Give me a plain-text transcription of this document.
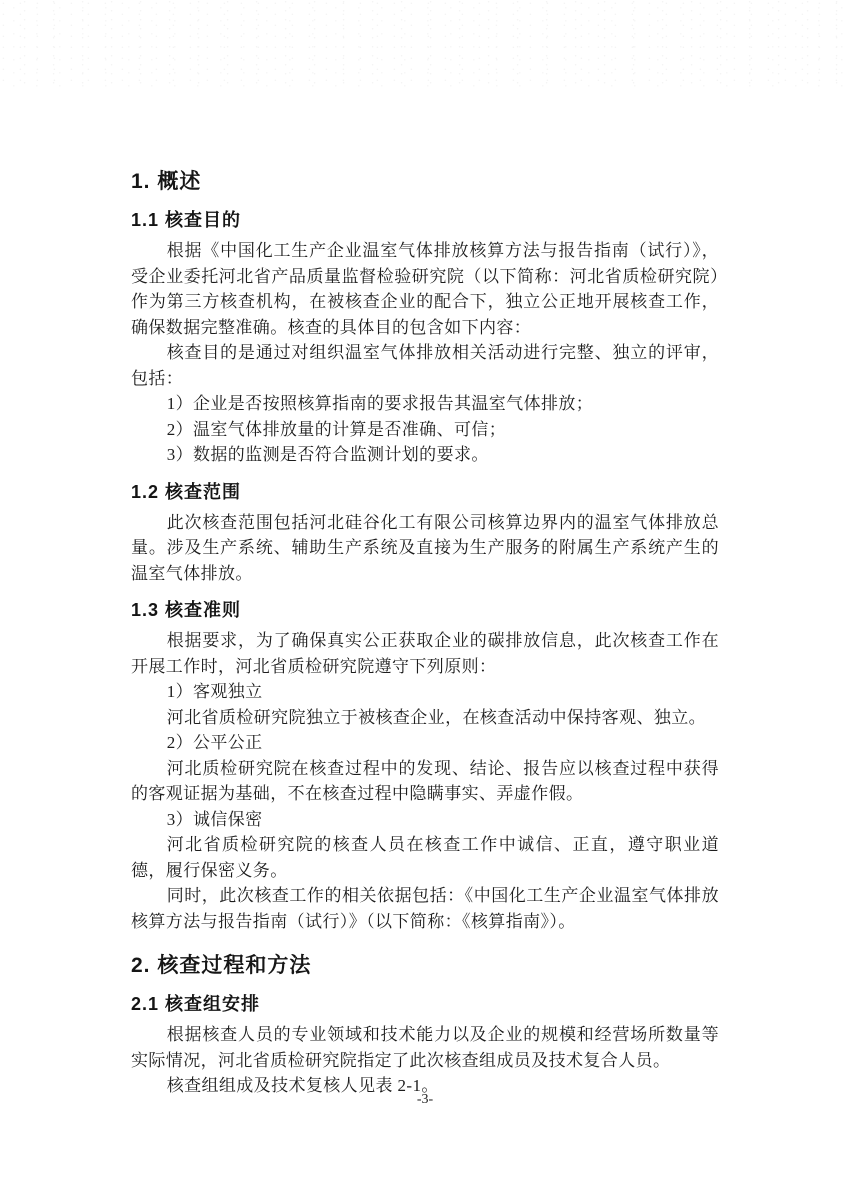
1. 概述
1.1 核查目的

根据《中国化工生产企业温室气体排放核算方法与报告指南（试行）》，受企业委托河北省产品质量监督检验研究院（以下简称：河北省质检研究院）作为第三方核查机构，在被核查企业的配合下，独立公正地开展核查工作，确保数据完整准确。核查的具体目的包含如下内容：

核查目的是通过对组织温室气体排放相关活动进行完整、独立的评审，包括：

1）企业是否按照核算指南的要求报告其温室气体排放；

2）温室气体排放量的计算是否准确、可信；

3）数据的监测是否符合监测计划的要求。

1.2 核查范围

此次核查范围包括河北硅谷化工有限公司核算边界内的温室气体排放总量。涉及生产系统、辅助生产系统及直接为生产服务的附属生产系统产生的温室气体排放。

1.3 核查准则

根据要求，为了确保真实公正获取企业的碳排放信息，此次核查工作在开展工作时，河北省质检研究院遵守下列原则：

1）客观独立

河北省质检研究院独立于被核查企业，在核查活动中保持客观、独立。

2）公平公正

河北质检研究院在核查过程中的发现、结论、报告应以核查过程中获得的客观证据为基础，不在核查过程中隐瞒事实、弄虚作假。

3）诚信保密

河北省质检研究院的核查人员在核查工作中诚信、正直，遵守职业道德，履行保密义务。

同时，此次核查工作的相关依据包括：《中国化工生产企业温室气体排放核算方法与报告指南（试行）》（以下简称：《核算指南》）。

2. 核查过程和方法
2.1 核查组安排

根据核查人员的专业领域和技术能力以及企业的规模和经营场所数量等实际情况，河北省质检研究院指定了此次核查组成员及技术复合人员。

核查组组成及技术复核人见表 2-1。

-3-
